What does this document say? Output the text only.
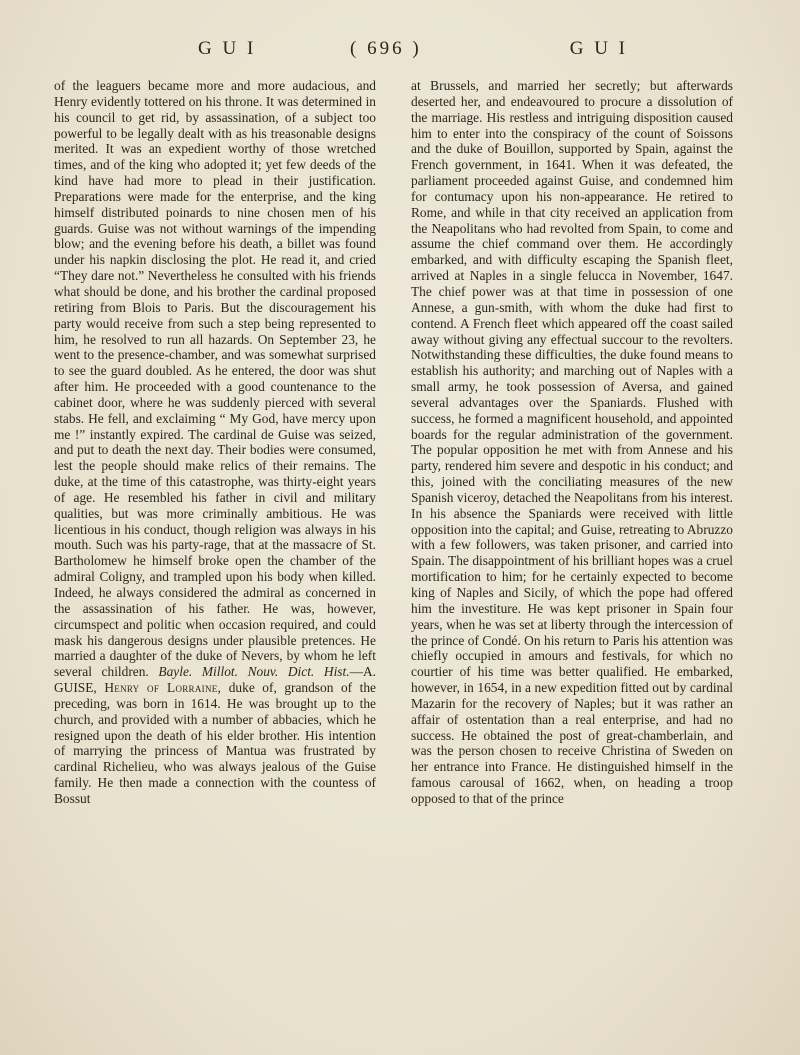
G U I	( 696 )	G U I

of the leaguers became more and more audacious, and Henry evidently tottered on his throne. It was determined in his council to get rid, by assassination, of a subject too powerful to be legally dealt with as his treasonable designs merited. It was an expedient worthy of those wretched times, and of the king who adopted it; yet few deeds of the kind have had more to plead in their justification. Preparations were made for the enterprise, and the king himself distributed poinards to nine chosen men of his guards. Guise was not without warnings of the impending blow; and the evening before his death, a billet was found under his napkin disclosing the plot. He read it, and cried “They dare not.” Nevertheless he consulted with his friends what should be done, and his brother the cardinal proposed retiring from Blois to Paris. But the discouragement his party would receive from such a step being represented to him, he resolved to run all hazards. On September 23, he went to the presence-chamber, and was somewhat surprised to see the guard doubled. As he entered, the door was shut after him. He proceeded with a good countenance to the cabinet door, where he was suddenly pierced with several stabs. He fell, and exclaiming “ My God, have mercy upon me !” instantly expired. The cardinal de Guise was seized, and put to death the next day. Their bodies were consumed, lest the people should make relics of their remains. The duke, at the time of this catastrophe, was thirty-eight years of age. He resembled his father in civil and military qualities, but was more criminally ambitious. He was licentious in his conduct, though religion was always in his mouth. Such was his party-rage, that at the massacre of St. Bartholomew he himself broke open the chamber of the admiral Coligny, and trampled upon his body when killed. Indeed, he always considered the admiral as concerned in the assassination of his father. He was, however, circumspect and politic when occasion required, and could mask his dangerous designs under plausible pretences. He married a daughter of the duke of Nevers, by whom he left several children. Bayle. Millot. Nouv. Dict. Hist.—A. GUISE, Henry of Lorraine, duke of, grandson of the preceding, was born in 1614. He was brought up to the church, and provided with a number of abbacies, which he resigned upon the death of his elder brother. His intention of marrying the princess of Mantua was frustrated by cardinal Richelieu, who was always jealous of the Guise family. He then made a connection with the countess of Bossut

at Brussels, and married her secretly; but afterwards deserted her, and endeavoured to procure a dissolution of the marriage. His restless and intriguing disposition caused him to enter into the conspiracy of the count of Soissons and the duke of Bouillon, supported by Spain, against the French government, in 1641. When it was defeated, the parliament proceeded against Guise, and condemned him for contumacy upon his non-appearance. He retired to Rome, and while in that city received an application from the Neapolitans who had revolted from Spain, to come and assume the chief command over them. He accordingly embarked, and with difficulty escaping the Spanish fleet, arrived at Naples in a single felucca in November, 1647. The chief power was at that time in possession of one Annese, a gun-smith, with whom the duke had first to contend. A French fleet which appeared off the coast sailed away without giving any effectual succour to the revolters. Notwithstanding these difficulties, the duke found means to establish his authority; and marching out of Naples with a small army, he took possession of Aversa, and gained several advantages over the Spaniards. Flushed with success, he formed a magnificent household, and appointed boards for the regular administration of the government. The popular opposition he met with from Annese and his party, rendered him severe and despotic in his conduct; and this, joined with the conciliating measures of the new Spanish viceroy, detached the Neapolitans from his interest. In his absence the Spaniards were received with little opposition into the capital; and Guise, retreating to Abruzzo with a few followers, was taken prisoner, and carried into Spain. The disappointment of his brilliant hopes was a cruel mortification to him; for he certainly expected to become king of Naples and Sicily, of which the pope had offered him the investiture. He was kept prisoner in Spain four years, when he was set at liberty through the intercession of the prince of Condé. On his return to Paris his attention was chiefly occupied in amours and festivals, for which no courtier of his time was better qualified. He embarked, however, in 1654, in a new expedition fitted out by cardinal Mazarin for the recovery of Naples; but it was rather an affair of ostentation than a real enterprise, and had no success. He obtained the post of great-chamberlain, and was the person chosen to receive Christina of Sweden on her entrance into France. He distinguished himself in the famous carousal of 1662, when, on heading a troop opposed to that of the prince
